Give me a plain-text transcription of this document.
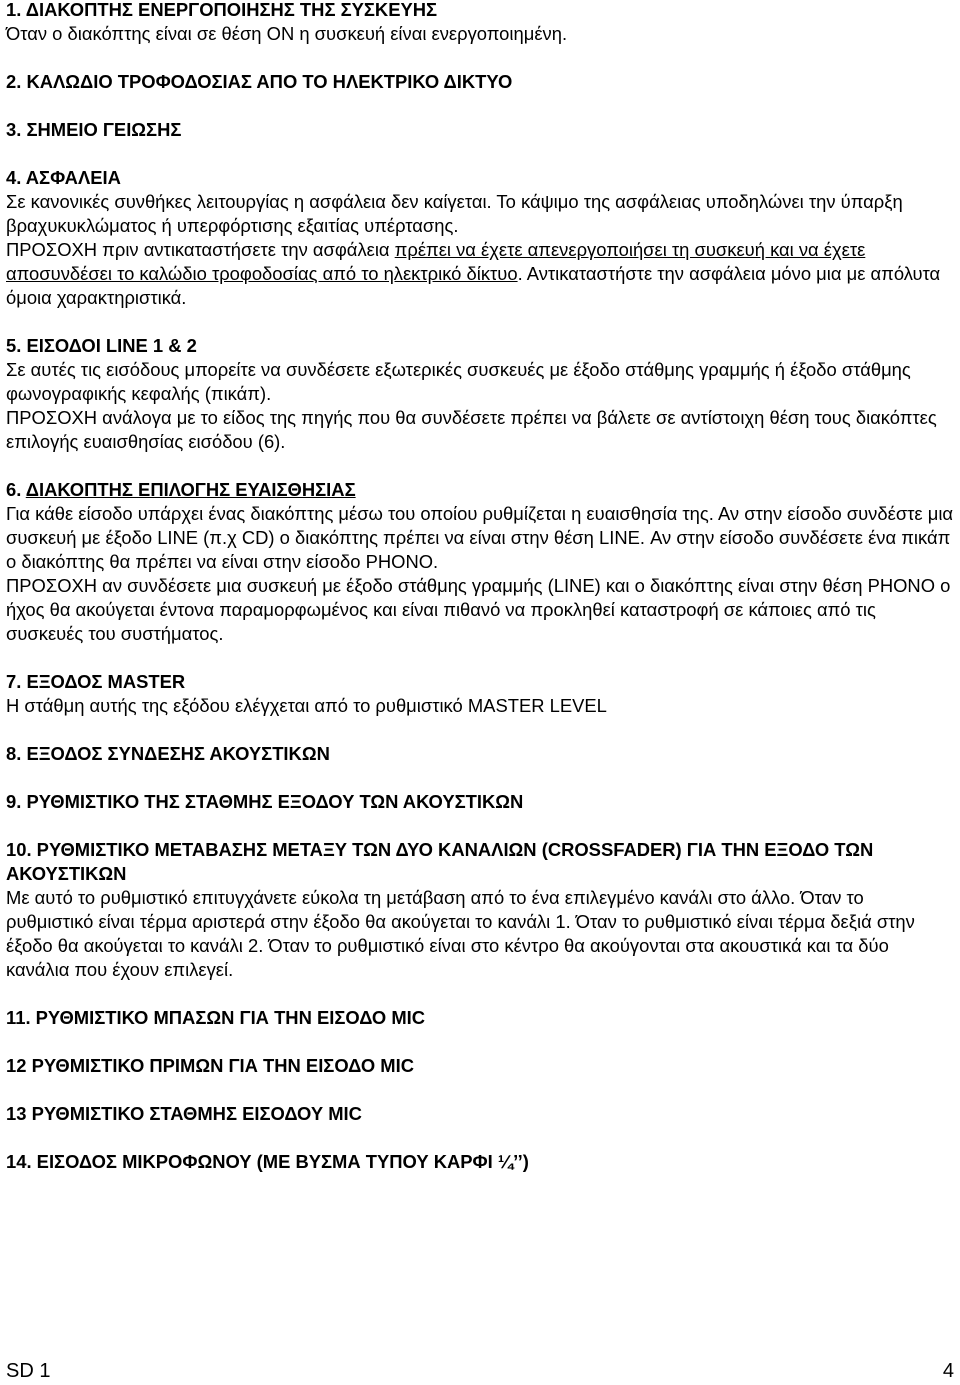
1. ΔΙΑΚΟΠΤΗΣ ΕΝΕΡΓΟΠΟΙΗΣΗΣ ΤΗΣ ΣΥΣΚΕΥΗΣ

Όταν ο διακόπτης είναι σε θέση ON η συσκευή είναι ενεργοποιημένη.

2. ΚΑΛΩΔΙΟ ΤΡΟΦΟΔΟΣΙΑΣ ΑΠΟ ΤΟ ΗΛΕΚΤΡΙΚΟ ΔΙΚΤΥΟ

3. ΣΗΜΕΙΟ ΓΕΙΩΣΗΣ

4. ΑΣΦΑΛΕΙΑ

Σε κανονικές συνθήκες λειτουργίας η ασφάλεια δεν καίγεται. Το κάψιμο της ασφάλειας υποδηλώνει την ύπαρξη βραχυκυκλώματος ή υπερφόρτισης εξαιτίας υπέρτασης.

ΠΡΟΣΟΧΗ πριν αντικαταστήσετε την ασφάλεια πρέπει να έχετε απενεργοποιήσει τη συσκευή και να έχετε αποσυνδέσει το καλώδιο τροφοδοσίας από το ηλεκτρικό δίκτυο. Αντικαταστήστε την ασφάλεια μόνο μια με απόλυτα όμοια χαρακτηριστικά.

5. ΕΙΣΟΔΟΙ LINE 1 & 2

Σε αυτές τις εισόδους μπορείτε να συνδέσετε εξωτερικές συσκευές με έξοδο στάθμης γραμμής ή έξοδο στάθμης φωνογραφικής κεφαλής (πικάπ).

ΠΡΟΣΟΧΗ ανάλογα με το είδος της πηγής που θα συνδέσετε πρέπει να βάλετε σε αντίστοιχη θέση τους διακόπτες επιλογής ευαισθησίας εισόδου (6).

6. ΔΙΑΚΟΠΤΗΣ ΕΠΙΛΟΓΗΣ ΕΥΑΙΣΘΗΣΙΑΣ

Για κάθε είσοδο υπάρχει ένας διακόπτης μέσω του οποίου ρυθμίζεται η ευαισθησία της. Αν στην είσοδο συνδέστε μια συσκευή με έξοδο LINE (π.χ CD) ο διακόπτης πρέπει να είναι στην θέση LINE. Αν στην είσοδο συνδέσετε ένα πικάπ ο διακόπτης θα πρέπει να είναι στην είσοδο PHONO.

ΠΡΟΣΟΧΗ αν συνδέσετε μια συσκευή με έξοδο στάθμης γραμμής (LINE) και ο διακόπτης είναι στην θέση PHONO ο ήχος θα ακούγεται έντονα παραμορφωμένος και είναι πιθανό να προκληθεί καταστροφή σε κάποιες από τις συσκευές του συστήματος.

7. ΕΞΟΔΟΣ MASTER

Η στάθμη αυτής της εξόδου ελέγχεται από το ρυθμιστικό MASTER LEVEL

8. ΕΞΟΔΟΣ ΣΥΝΔΕΣΗΣ ΑΚΟΥΣΤΙΚΩΝ

9. ΡΥΘΜΙΣΤΙΚΟ ΤΗΣ ΣΤΑΘΜΗΣ ΕΞΟΔΟΥ ΤΩΝ ΑΚΟΥΣΤΙΚΩΝ

10. ΡΥΘΜΙΣΤΙΚΟ ΜΕΤΑΒΑΣΗΣ ΜΕΤΑΞΥ ΤΩΝ ΔΥΟ ΚΑΝΑΛΙΩΝ (CROSSFADER) ΓΙΑ ΤΗΝ ΕΞΟΔΟ ΤΩΝ ΑΚΟΥΣΤΙΚΩΝ

Με αυτό το ρυθμιστικό επιτυγχάνετε εύκολα τη μετάβαση από το ένα επιλεγμένο κανάλι στο άλλο. Όταν το ρυθμιστικό είναι τέρμα αριστερά στην έξοδο θα ακούγεται το κανάλι 1. Όταν το ρυθμιστικό είναι τέρμα δεξιά στην έξοδο θα ακούγεται το κανάλι 2. Όταν το ρυθμιστικό είναι στο κέντρο θα ακούγονται στα ακουστικά και τα δύο κανάλια που έχουν επιλεγεί.

11. ΡΥΘΜΙΣΤΙΚΟ ΜΠΑΣΩΝ ΓΙΑ ΤΗΝ ΕΙΣΟΔΟ MIC

12 ΡΥΘΜΙΣΤΙΚΟ ΠΡΙΜΩΝ ΓΙΑ ΤΗΝ ΕΙΣΟΔΟ MIC

13 ΡΥΘΜΙΣΤΙΚΟ ΣΤΑΘΜΗΣ ΕΙΣΟΔΟΥ MIC

14. ΕΙΣΟΔΟΣ ΜΙΚΡΟΦΩΝΟΥ (ΜΕ ΒΥΣΜΑ ΤΥΠΟΥ ΚΑΡΦΙ ¼’’)

SD 1	4
